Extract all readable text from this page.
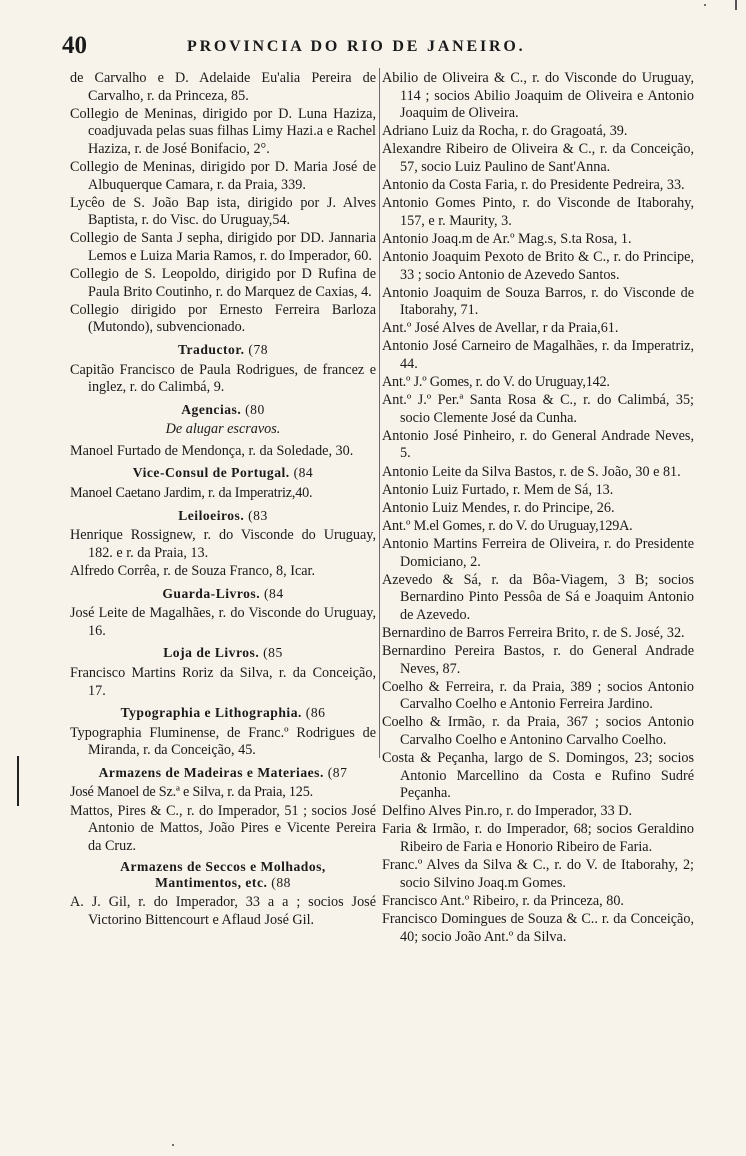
40	PROVINCIA DO RIO DE JANEIRO.

de Carvalho e D. Adelaide Eu'alia Pereira de Carvalho, r. da Princeza, 85.

Collegio de Meninas, dirigido por D. Luna Haziza, coadjuvada pelas suas filhas Limy Hazi.a e Rachel Haziza, r. de José Bonifacio, 2°.

Collegio de Meninas, dirigido por D. Maria José de Albuquerque Camara, r. da Praia, 339.

Lycêo de S. João Bap ista, dirigido por J. Alves Baptista, r. do Visc. do Uruguay,54.

Collegio de Santa J sepha, dirigido por DD. Jannaria Lemos e Luiza Maria Ramos, r. do Imperador, 60.

Collegio de S. Leopoldo, dirigido por D Rufina de Paula Brito Coutinho, r. do Marquez de Caxias, 4.

Collegio dirigido por Ernesto Ferreira Barloza (Mutondo), subvencionado.

Traductor. (78

Capitão Francisco de Paula Rodrigues, de francez e inglez, r. do Calimbá, 9.

Agencias. (80
De alugar escravos.

Manoel Furtado de Mendonça, r. da Soledade, 30.

Vice-Consul de Portugal. (84

Manoel Caetano Jardim, r. da Imperatriz,40.

Leiloeiros. (83

Henrique Rossignew, r. do Visconde do Uruguay, 182. e r. da Praia, 13.

Alfredo Corrêa, r. de Souza Franco, 8, Icar.

Guarda-Livros. (84

José Leite de Magalhães, r. do Visconde do Uruguay, 16.

Loja de Livros. (85

Francisco Martins Roriz da Silva, r. da Conceição, 17.

Typographia e Lithographia. (86

Typographia Fluminense, de Franc.º Rodrigues de Miranda, r. da Conceição, 45.

Armazens de Madeiras e Materiaes. (87

José Manoel de Sz.ª e Silva, r. da Praia, 125.

Mattos, Pires & C., r. do Imperador, 51 ; socios José Antonio de Mattos, João Pires e Vicente Pereira da Cruz.

Armazens de Seccos e Molhados,
Mantimentos, etc. (88

A. J. Gil, r. do Imperador, 33 a a ; socios José Victorino Bittencourt e Aflaud José Gil.

Abilio de Oliveira & C., r. do Visconde do Uruguay, 114 ; socios Abilio Joaquim de Oliveira e Antonio Joaquim de Oliveira.

Adriano Luiz da Rocha, r. do Gragoatá, 39.

Alexandre Ribeiro de Oliveira & C., r. da Conceição, 57, socio Luiz Paulino de Sant'Anna.

Antonio da Costa Faria, r. do Presidente Pedreira, 33.

Antonio Gomes Pinto, r. do Visconde de Itaborahy, 157, e r. Maurity, 3.

Antonio Joaq.m de Ar.º Mag.s, S.ta Rosa, 1.

Antonio Joaquim Pexoto de Brito & C., r. do Principe, 33 ; socio Antonio de Azevedo Santos.

Antonio Joaquim de Souza Barros, r. do Visconde de Itaborahy, 71.

Ant.º José Alves de Avellar, r da Praia,61.

Antonio José Carneiro de Magalhães, r. da Imperatriz, 44.

Ant.º J.º Gomes, r. do V. do Uruguay,142.

Ant.º J.º Per.ª Santa Rosa & C., r. do Calimbá, 35; socio Clemente José da Cunha.

Antonio José Pinheiro, r. do General Andrade Neves, 5.

Antonio Leite da Silva Bastos, r. de S. João, 30 e 81.

Antonio Luiz Furtado, r. Mem de Sá, 13.

Antonio Luiz Mendes, r. do Principe, 26.

Ant.º M.el Gomes, r. do V. do Uruguay,129A.

Antonio Martins Ferreira de Oliveira, r. do Presidente Domiciano, 2.

Azevedo & Sá, r. da Bôa-Viagem, 3 B; socios Bernardino Pinto Pessôa de Sá e Joaquim Antonio de Azevedo.

Bernardino de Barros Ferreira Brito, r. de S. José, 32.

Bernardino Pereira Bastos, r. do General Andrade Neves, 87.

Coelho & Ferreira, r. da Praia, 389 ; socios Antonio Carvalho Coelho e Antonio Ferreira Jardino.

Coelho & Irmão, r. da Praia, 367 ; socios Antonio Carvalho Coelho e Antonino Carvalho Coelho.

Costa & Peçanha, largo de S. Domingos, 23; socios Antonio Marcellino da Costa e Rufino Sudré Peçanha.

Delfino Alves Pin.ro, r. do Imperador, 33 D.

Faria & Irmão, r. do Imperador, 68; socios Geraldino Ribeiro de Faria e Honorio Ribeiro de Faria.

Franc.º Alves da Silva & C., r. do V. de Itaborahy, 2; socio Silvino Joaq.m Gomes.

Francisco Ant.º Ribeiro, r. da Princeza, 80.

Francisco Domingues de Souza & C.. r. da Conceição, 40; socio João Ant.º da Silva.
